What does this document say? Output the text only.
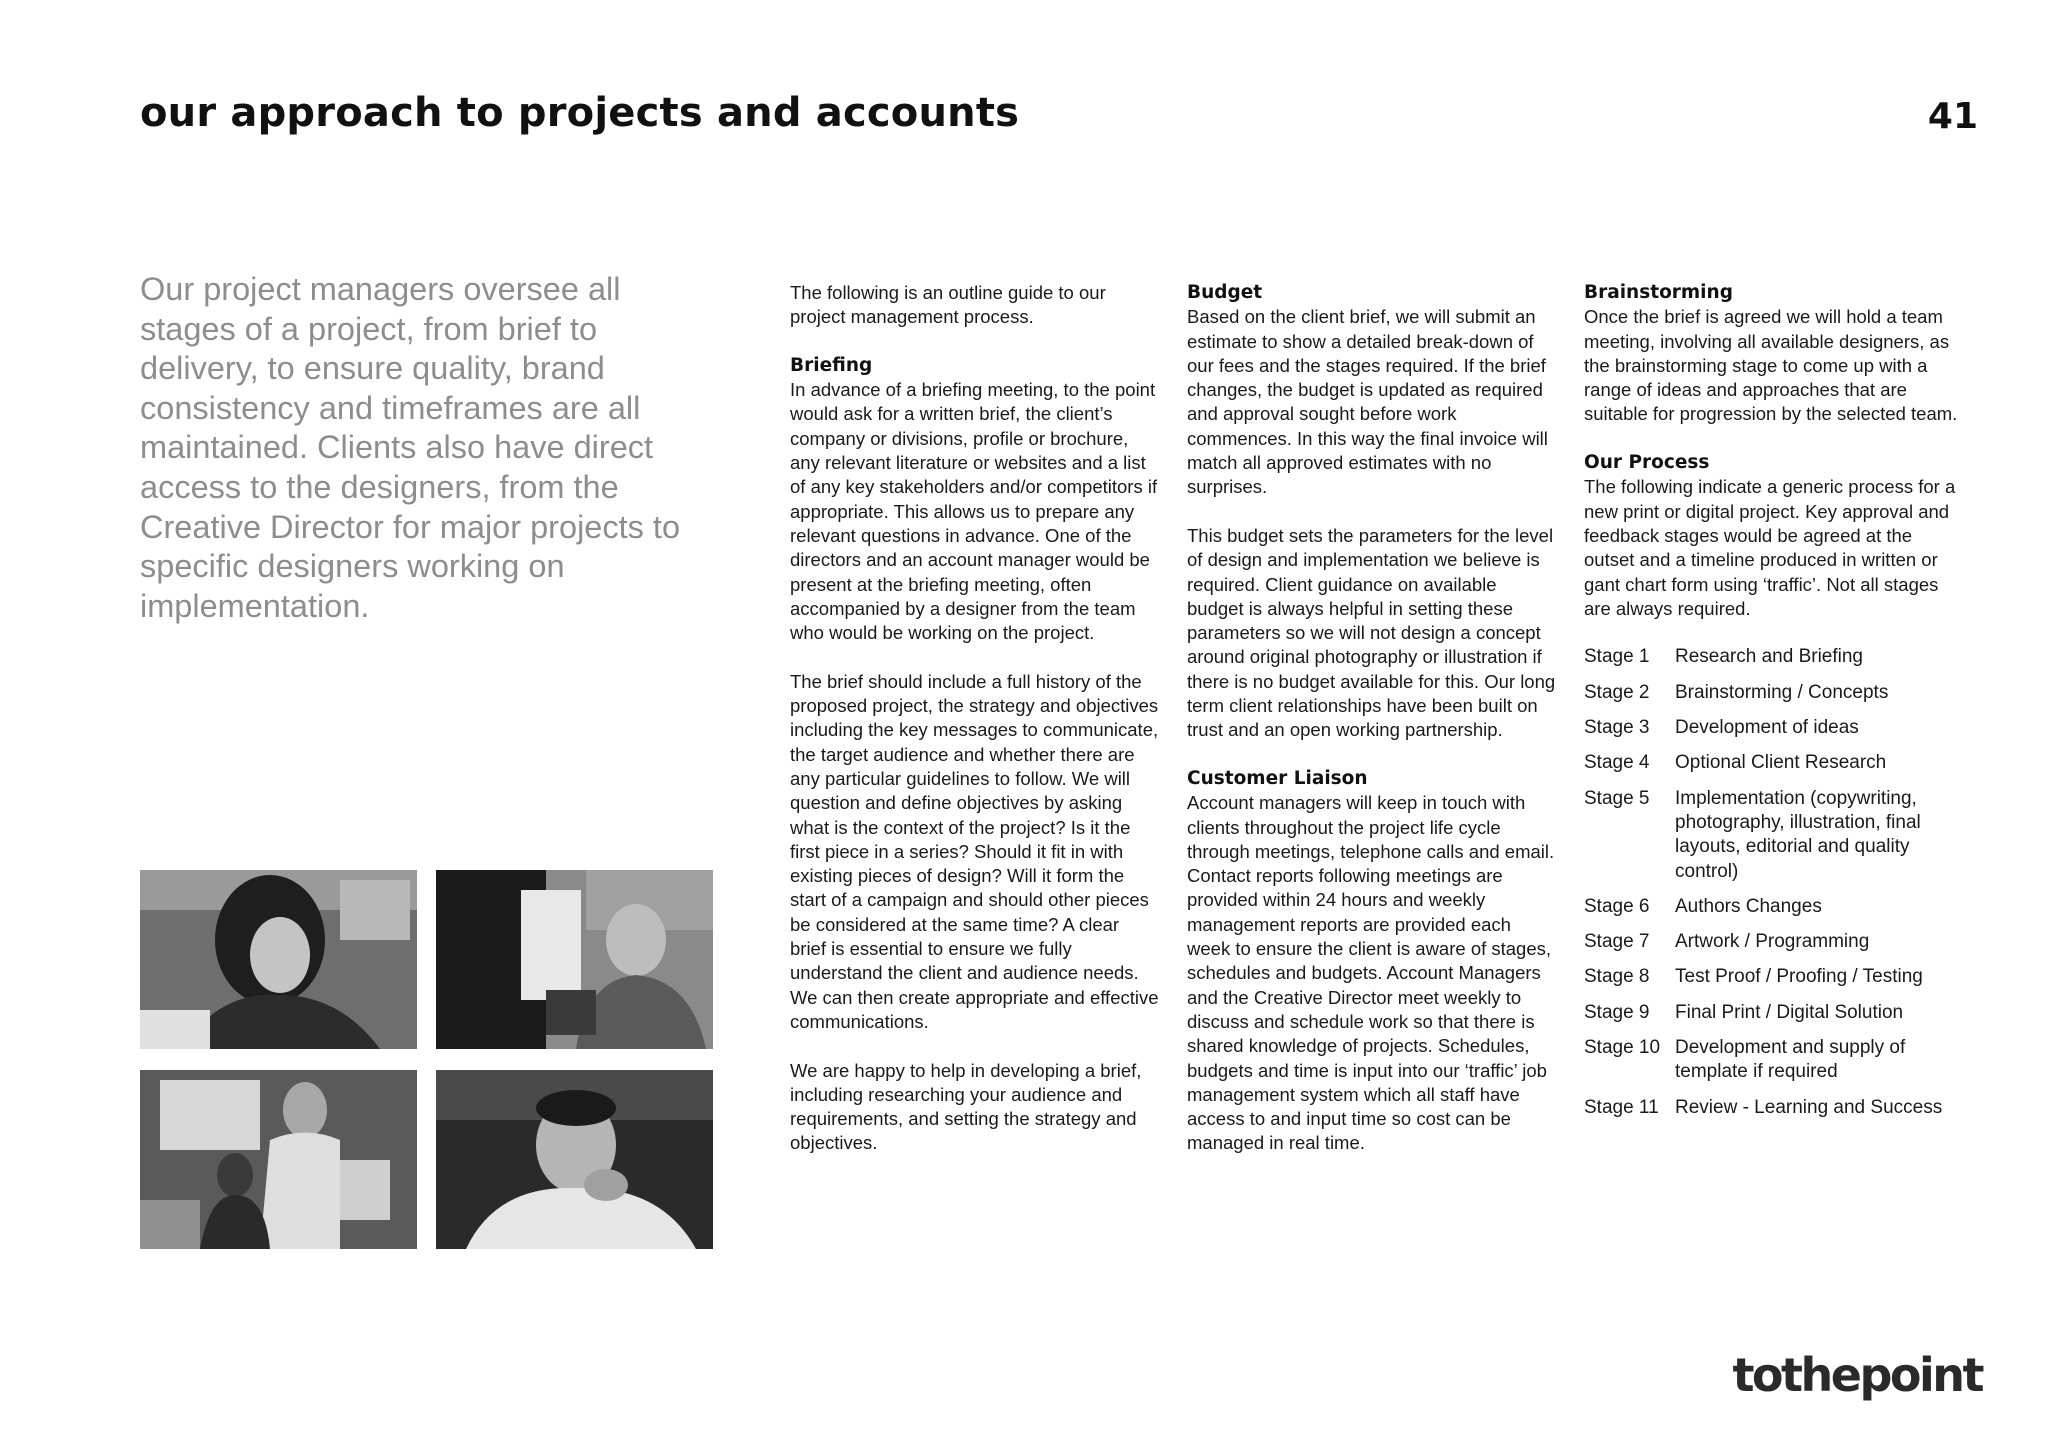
our approach to projects and accounts	41
Our project managers oversee all stages of a project, from brief to delivery, to ensure quality, brand consistency and timeframes are all maintained. Clients also have direct access to the designers, from the Creative Director for major projects to specific designers working on implementation.

The following is an outline guide to our project management process.

Briefing

In advance of a briefing meeting, to the point would ask for a written brief, the client’s company or divisions, profile or brochure, any relevant literature or websites and a list of any key stakeholders and/or competitors if appropriate. This allows us to prepare any relevant questions in advance. One of the directors and an account manager would be present at the briefing meeting, often accompanied by a designer from the team who would be working on the project.

The brief should include a full history of the proposed project, the strategy and objectives including the key messages to communicate, the target audience and whether there are any particular guidelines to follow. We will question and define objectives by asking what is the context of the project? Is it the first piece in a series? Should it fit in with existing pieces of design? Will it form the start of a campaign and should other pieces be considered at the same time? A clear brief is essential to ensure we fully understand the client and audience needs. We can then create appropriate and effective communications.

We are happy to help in developing a brief, including researching your audience and requirements, and setting the strategy and objectives.

Budget

Based on the client brief, we will submit an estimate to show a detailed break-down of our fees and the stages required. If the brief changes, the budget is updated as required and approval sought before work commences. In this way the final invoice will match all approved estimates with no surprises.

This budget sets the parameters for the level of design and implementation we believe is required. Client guidance on available budget is always helpful in setting these parameters so we will not design a concept around original photography or illustration if there is no budget available for this. Our long term client relationships have been built on trust and an open working partnership.

Customer Liaison

Account managers will keep in touch with clients throughout the project life cycle through meetings, telephone calls and email. Contact reports following meetings are provided within 24 hours and weekly management reports are provided each week to ensure the client is aware of stages, schedules and budgets. Account Managers and the Creative Director meet weekly to discuss and schedule work so that there is shared knowledge of projects. Schedules, budgets and time is input into our ‘traffic’ job management system which all staff have access to and input time so cost can be managed in real time.

Brainstorming

Once the brief is agreed we will hold a team meeting, involving all available designers, as the brainstorming stage to come up with a range of ideas and approaches that are suitable for progression by the selected team.

Our Process

The following indicate a generic process for a new print or digital project. Key approval and feedback stages would be agreed at the outset and a timeline produced in written or gant chart form using ‘traffic’. Not all stages are always required.

Stage 1	Research and Briefing
Stage 2	Brainstorming / Concepts
Stage 3	Development of ideas
Stage 4	Optional Client Research
Stage 5	Implementation (copywriting, photography, illustration, final layouts, editorial and quality control)
Stage 6	Authors Changes
Stage 7	Artwork / Programming
Stage 8	Test Proof / Proofing / Testing
Stage 9	Final Print / Digital Solution
Stage 10 Development and supply of template if required
Stage 11 Review - Learning and Success
tothepoint
